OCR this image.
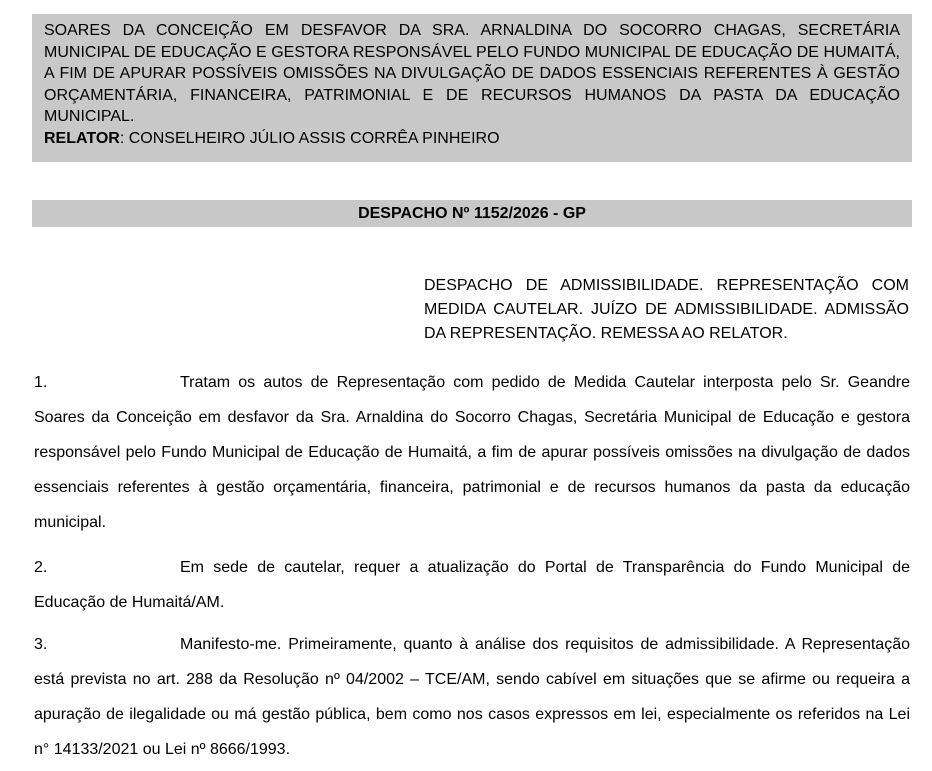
SOARES DA CONCEIÇÃO EM DESFAVOR DA SRA. ARNALDINA DO SOCORRO CHAGAS, SECRETÁRIA MUNICIPAL DE EDUCAÇÃO E GESTORA RESPONSÁVEL PELO FUNDO MUNICIPAL DE EDUCAÇÃO DE HUMAITÁ, A FIM DE APURAR POSSÍVEIS OMISSÕES NA DIVULGAÇÃO DE DADOS ESSENCIAIS REFERENTES À GESTÃO ORÇAMENTÁRIA, FINANCEIRA, PATRIMONIAL E DE RECURSOS HUMANOS DA PASTA DA EDUCAÇÃO MUNICIPAL.

RELATOR: CONSELHEIRO JÚLIO ASSIS CORRÊA PINHEIRO

DESPACHO Nº 1152/2026 - GP

DESPACHO DE ADMISSIBILIDADE. REPRESENTAÇÃO COM MEDIDA CAUTELAR. JUÍZO DE ADMISSIBILIDADE. ADMISSÃO DA REPRESENTAÇÃO. REMESSA AO RELATOR.

1.	Tratam os autos de Representação com pedido de Medida Cautelar interposta pelo Sr. Geandre Soares da Conceição em desfavor da Sra. Arnaldina do Socorro Chagas, Secretária Municipal de Educação e gestora responsável pelo Fundo Municipal de Educação de Humaitá, a fim de apurar possíveis omissões na divulgação de dados essenciais referentes à gestão orçamentária, financeira, patrimonial e de recursos humanos da pasta da educação municipal.

2.	Em sede de cautelar, requer a atualização do Portal de Transparência do Fundo Municipal de Educação de Humaitá/AM.

3.	Manifesto-me. Primeiramente, quanto à análise dos requisitos de admissibilidade. A Representação está prevista no art. 288 da Resolução nº 04/2002 – TCE/AM, sendo cabível em situações que se afirme ou requeira a apuração de ilegalidade ou má gestão pública, bem como nos casos expressos em lei, especialmente os referidos na Lei n° 14133/2021 ou Lei nº 8666/1993.
